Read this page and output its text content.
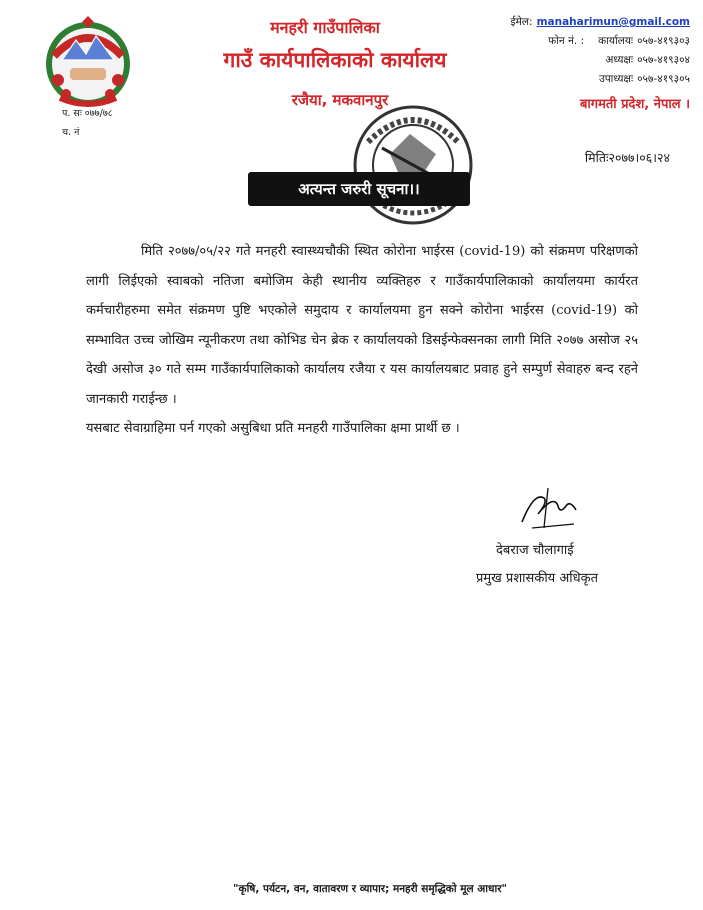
मनहरी गाउँपालिका
गाउँ कार्यपालिकाको कार्यालय
रजैया, मकवानपुर
ईमेल: manaharimun@gmail.com
फोन नं. : कार्यालयः ०५७-४१९३०३
अध्यक्षः ०५७-४१९३०४
उपाध्यक्षः ०५७-४१९३०५
बागमती प्रदेश, नेपाल ।
प. सः ०७७/७८
च. नं
मितिः२०७७।०६।२४
अत्यन्त जरुरी सूचना।।

मिति २०७७/०५/२२ गते मनहरी स्वास्थ्यचौकी स्थित कोरोना भाईरस (covid-19) को संक्रमण परिक्षणको लागी लिईएको स्वाबको नतिजा बमोजिम केही स्थानीय व्यक्तिहरु र गाउँकार्यपालिकाको कार्यालयमा कार्यरत कर्मचारीहरुमा समेत संक्रमण पुष्टि भएकोले समुदाय र कार्यालयमा हुन सक्ने कोरोना भाईरस (covid-19) को सम्भावित उच्च जोखिम न्यूनीकरण तथा कोभिड चेन ब्रेक र कार्यालयको डिसईन्फेक्सनका लागी मिति २०७७ असोज २५ देखी असोज ३० गते सम्म गाउँकार्यपालिकाको कार्यालय रजैया र यस कार्यालयबाट प्रवाह हुने सम्पुर्ण सेवाहरु बन्द रहने जानकारी गराईन्छ ।

यसबाट सेवाग्राहिमा पर्न गएको असुबिधा प्रति मनहरी गाउँपालिका क्षमा प्रार्थी छ ।

देबराज चौलागाई
प्रमुख प्रशासकीय अधिकृत
"कृषि, पर्यटन, वन, वातावरण र व्यापार; मनहरी समृद्धिको मूल आधार"
